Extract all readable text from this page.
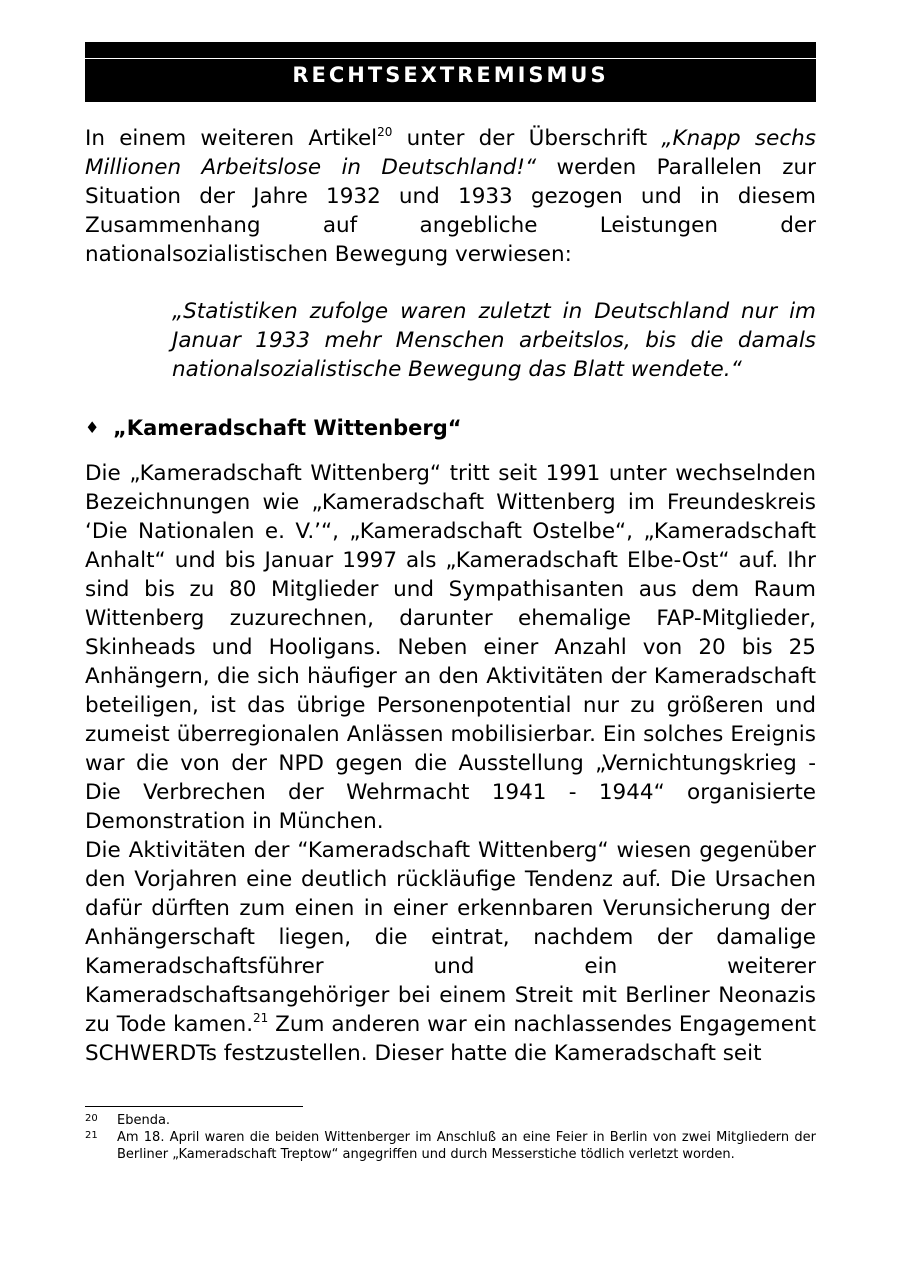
RECHTSEXTREMISMUS

In einem weiteren Artikel$^{20}$ unter der Überschrift „Knapp sechs Millionen Arbeitslose in Deutschland!“ werden Parallelen zur Situation der Jahre 1932 und 1933 gezogen und in diesem Zusammenhang auf angebliche Leistungen der nationalsozialistischen Bewegung verwiesen:

„Statistiken zufolge waren zuletzt in Deutschland nur im Januar 1933 mehr Menschen arbeitslos, bis die damals nationalsozialistische Bewegung das Blatt wendete.“

♦ „Kameradschaft Wittenberg“

Die „Kameradschaft Wittenberg“ tritt seit 1991 unter wechselnden Bezeichnungen wie „Kameradschaft Wittenberg im Freundeskreis ‘Die Nationalen e. V.’“, „Kameradschaft Ostelbe“, „Kameradschaft Anhalt“ und bis Januar 1997 als „Kameradschaft Elbe-Ost“ auf. Ihr sind bis zu 80 Mitglieder und Sympathisanten aus dem Raum Wittenberg zuzurechnen, darunter ehemalige FAP-Mitglieder, Skinheads und Hooligans. Neben einer Anzahl von 20 bis 25 Anhängern, die sich häufiger an den Aktivitäten der Kameradschaft beteiligen, ist das übrige Personenpotential nur zu größeren und zumeist überregionalen Anlässen mobilisierbar. Ein solches Ereignis war die von der NPD gegen die Ausstellung „Vernichtungskrieg - Die Verbrechen der Wehrmacht 1941 - 1944“ organisierte Demonstration in München.

Die Aktivitäten der “Kameradschaft Wittenberg“ wiesen gegenüber den Vorjahren eine deutlich rückläufige Tendenz auf. Die Ursachen dafür dürften zum einen in einer erkennbaren Verunsicherung der Anhängerschaft liegen, die eintrat, nachdem der damalige Kameradschaftsführer und ein weiterer Kameradschaftsangehöriger bei einem Streit mit Berliner Neonazis zu Tode kamen.$^{21}$ Zum anderen war ein nachlassendes Engagement SCHWERDTs festzustellen. Dieser hatte die Kameradschaft seit

20	Ebenda.
21	Am 18. April waren die beiden Wittenberger im Anschluß an eine Feier in Berlin von zwei Mitgliedern der Berliner „Kameradschaft Treptow“ angegriffen und durch Messerstiche tödlich verletzt worden.
